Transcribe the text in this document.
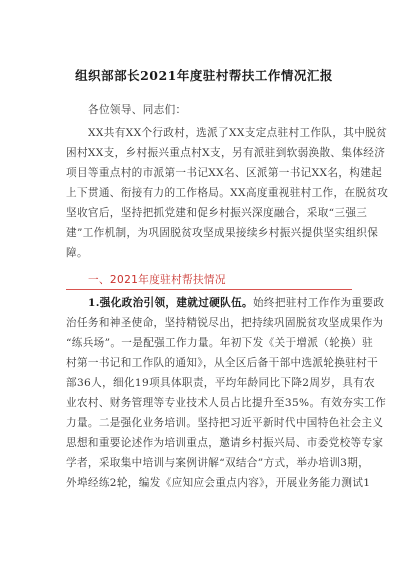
组织部部长2021年度驻村帮扶工作情况汇报
各位领导、同志们：
XX共有XX个行政村，选派了XX支定点驻村工作队，其中脱贫
困村XX支，乡村振兴重点村X支，另有派驻到软弱涣散、集体经济
项目等重点村的市派第一书记XX名、区派第一书记XX名，构建起
上下贯通、衔接有力的工作格局。XX高度重视驻村工作，在脱贫攻
坚收官后，坚持把抓党建和促乡村振兴深度融合，采取“三强三
建”工作机制，为巩固脱贫攻坚成果接续乡村振兴提供坚实组织保
障。
一、2021年度驻村帮扶情况
1.强化政治引领，建就过硬队伍。始终把驻村工作作为重要政
治任务和神圣使命，坚持精锐尽出，把持续巩固脱贫攻坚成果作为
“练兵场”。一是配强工作力量。年初下发《关于增派（轮换）驻
村第一书记和工作队的通知》，从全区后备干部中选派轮换驻村干
部36人，细化19项具体职责，平均年龄同比下降2周岁，具有农
业农村、财务管理等专业技术人员占比提升至35%。有效夯实工作
力量。二是强化业务培训。坚持把习近平新时代中国特色社会主义
思想和重要论述作为培训重点，邀请乡村振兴局、市委党校等专家
学者，采取集中培训与案例讲解“双结合”方式，举办培训3期，
外埠经练2轮，编发《应知应会重点内容》，开展业务能力测试1
